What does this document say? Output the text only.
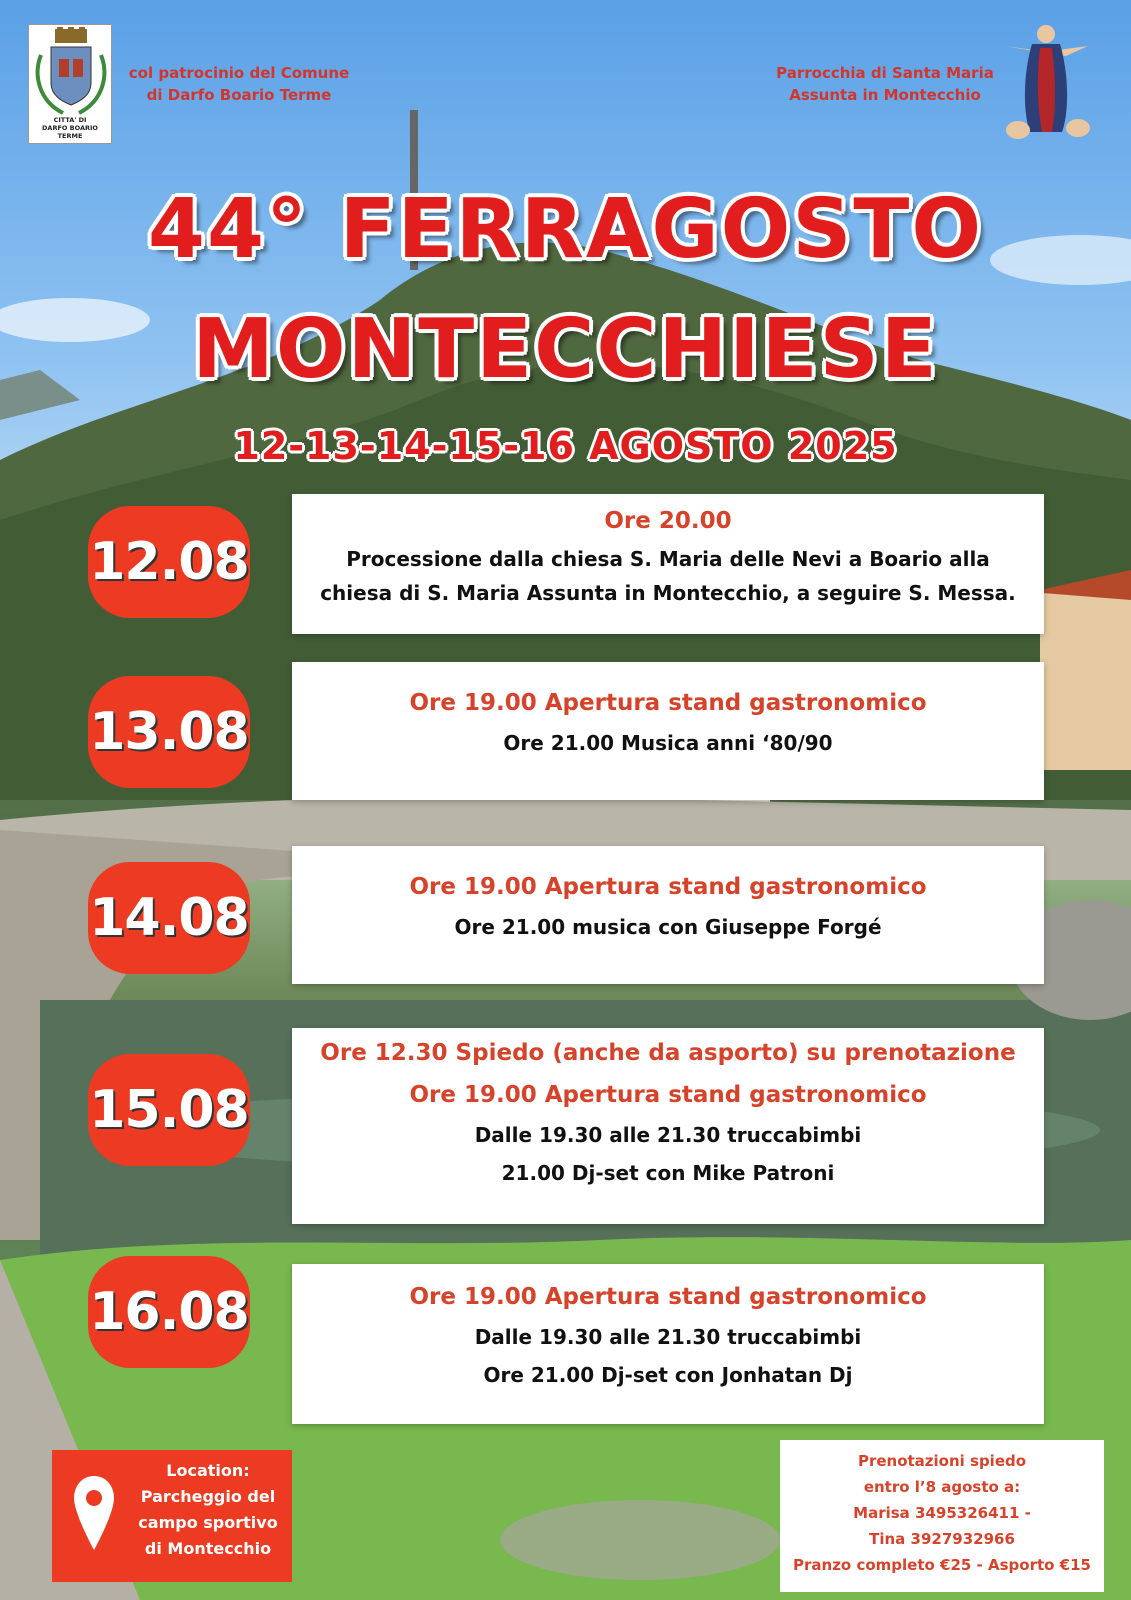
CITTA' DI
DARFO BOARIO TERME
col patrocinio del Comune
di Darfo Boario Terme
Parrocchia di Santa Maria
Assunta in Montecchio
44° FERRAGOSTO
MONTECCHIESE
12-13-14-15-16 AGOSTO 2025
12.08
Ore 20.00
Processione dalla chiesa S. Maria delle Nevi a Boario alla
chiesa di S. Maria Assunta in Montecchio, a seguire S. Messa.
13.08	Ore 19.00 Apertura stand gastronomico
Ore 21.00 Musica anni ‘80/90
14.08
Ore 19.00 Apertura stand gastronomico
Ore 21.00 musica con Giuseppe Forgé
15.08
Ore 12.30 Spiedo (anche da asporto) su prenotazione
Ore 19.00 Apertura stand gastronomico
Dalle 19.30 alle 21.30 truccabimbi
21.00 Dj-set con Mike Patroni
16.08	Ore 19.00 Apertura stand gastronomico
Dalle 19.30 alle 21.30 truccabimbi
Ore 21.00 Dj-set con Jonhatan Dj
Location:
Parcheggio del
campo sportivo
di Montecchio
Prenotazioni spiedo
entro l’8 agosto a:
Marisa 3495326411 -
Tina 3927932966
Pranzo completo €25 - Asporto €15
